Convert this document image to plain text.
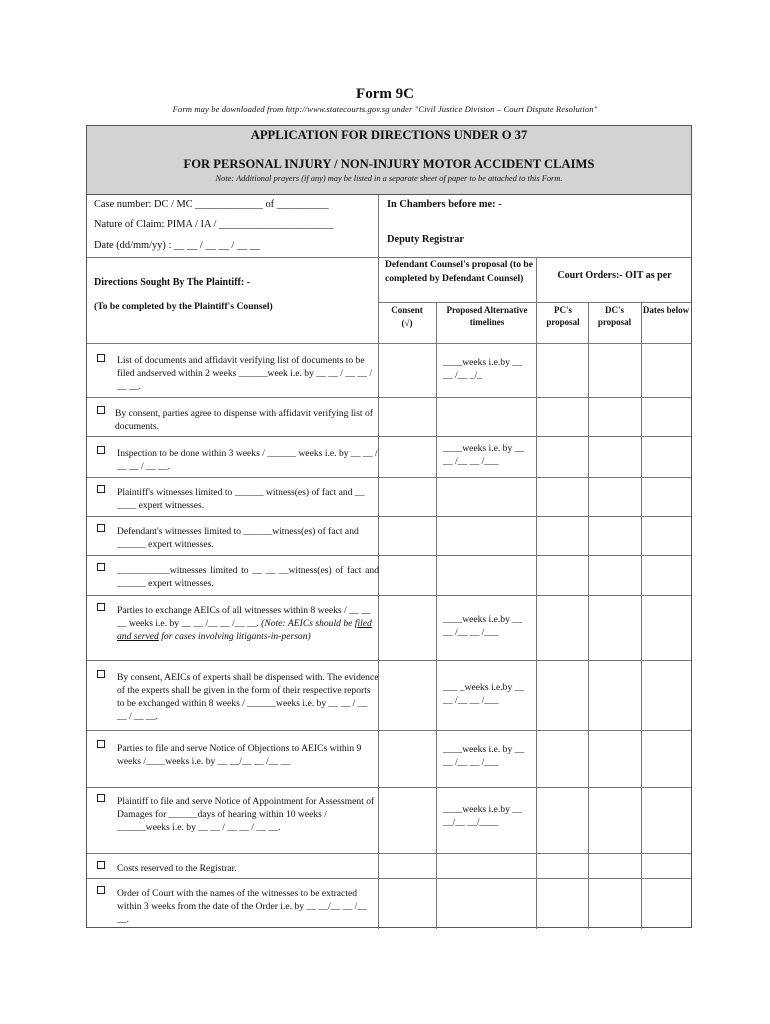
Form 9C
Form may be downloaded from http://www.statecourts.gov.sg under "Civil Justice Division – Court Dispute Resolution"
APPLICATION FOR DIRECTIONS UNDER O 37
FOR PERSONAL INJURY / NON-INJURY MOTOR ACCIDENT CLAIMS
Note: Additional prayers (if any) may be listed in a separate sheet of paper to be attached to this Form.
Case number: DC / MC _____________ of __________
Nature of Claim: PIMA / IA / ______________________
Date (dd/mm/yy) : __ __ / __ __ / __ __
In Chambers before me: -
Deputy Registrar
Directions Sought By The Plaintiff: -
(To be completed by the Plaintiff's Counsel)
Defendant Counsel's proposal (to be completed by Defendant Counsel)	Court Orders:- OIT as per
Consent
(√)
Proposed Alternative timelines
PC's proposal
DC's proposal
Dates below
List of documents and affidavit verifying list of documents to be filed andserved within 2 weeks ______week i.e. by __ __ / __ __ / __ __.
____weeks i.e.by __ __ /__ _/_
By consent, parties agree to dispense with affidavit verifying list of documents.
Inspection to be done within 3 weeks / ______ weeks i.e. by __ __ / __ __ / __ __.
____weeks i.e. by __ __ /__ __ /___
Plaintiff's witnesses limited to ______ witness(es) of fact and __ ____ expert witnesses.
Defendant's witnesses limited to ______witness(es) of fact and ______ expert witnesses.
___________witnesses limited to __ __ __witness(es) of fact and ______ expert witnesses.
Parties to exchange AEICs of all witnesses within 8 weeks / __ __ __ weeks i.e. by __ __ /__ __ /__ __. (Note: AEICs should be filed and served for cases involving litigants-in-person)
____weeks i.e.by __ __ /__ __ /___
By consent, AEICs of experts shall be dispensed with. The evidence of the experts shall be given in the form of their respective reports to be exchanged within 8 weeks / ______weeks i.e. by __ __ / __ __ / __ __.
___ _weeks i.e.by __ __ /__ __ /___
Parties to file and serve Notice of Objections to AEICs within 9 weeks /____weeks i.e. by __ __/__ __ /__ __
____weeks i.e. by __ __ /__ __ /___
Plaintiff to file and serve Notice of Appointment for Assessment of Damages for ______days of hearing within 10 weeks / ______weeks i.e. by __ __ / __ __ / __ __.
____weeks i.e.by __ __/__ __/____
Costs reserved to the Registrar.
Order of Court with the names of the witnesses to be extracted within 3 weeks from the date of the Order i.e. by __ __/__ __ /__ __.
